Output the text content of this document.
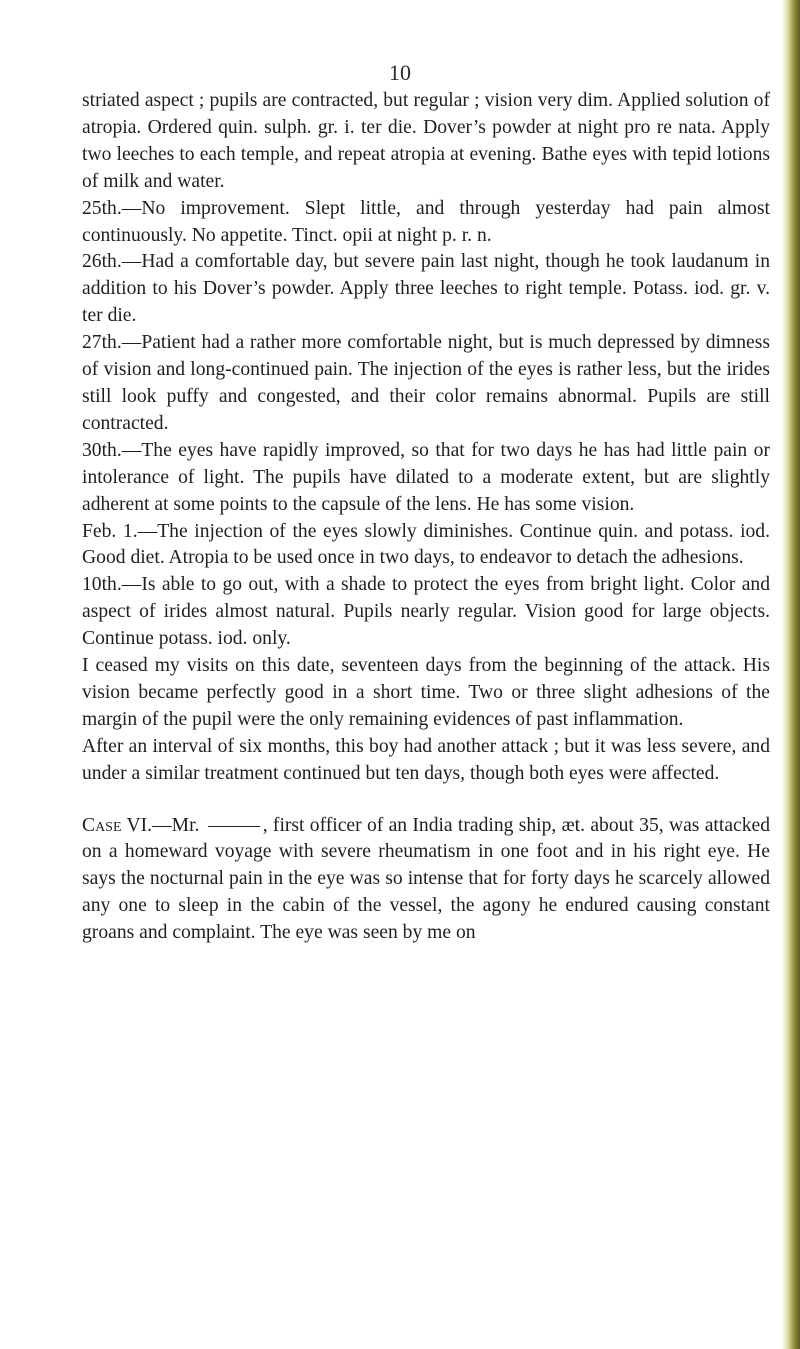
10

striated aspect ; pupils are contracted, but regular ; vision very dim. Applied solution of atropia. Ordered quin. sulph. gr. i. ter die. Dover’s powder at night pro re nata. Apply two leeches to each temple, and repeat atropia at evening. Bathe eyes with tepid lotions of milk and water.

25th.—No improvement. Slept little, and through yesterday had pain almost continuously. No appetite. Tinct. opii at night p. r. n.

26th.—Had a comfortable day, but severe pain last night, though he took laudanum in addition to his Dover’s powder. Apply three leeches to right temple. Potass. iod. gr. v. ter die.

27th.—Patient had a rather more comfortable night, but is much depressed by dimness of vision and long-continued pain. The injection of the eyes is rather less, but the irides still look puffy and congested, and their color remains abnormal. Pupils are still contracted.

30th.—The eyes have rapidly improved, so that for two days he has had little pain or intolerance of light. The pupils have dilated to a moderate extent, but are slightly adherent at some points to the capsule of the lens. He has some vision.

Feb. 1.—The injection of the eyes slowly diminishes. Continue quin. and potass. iod. Good diet. Atropia to be used once in two days, to endeavor to detach the adhesions.

10th.—Is able to go out, with a shade to protect the eyes from bright light. Color and aspect of irides almost natural. Pupils nearly regular. Vision good for large objects. Continue potass. iod. only.

I ceased my visits on this date, seventeen days from the beginning of the attack. His vision became perfectly good in a short time. Two or three slight adhesions of the margin of the pupil were the only remaining evidences of past inflammation.

After an interval of six months, this boy had another attack ; but it was less severe, and under a similar treatment continued but ten days, though both eyes were affected.

Case VI.—Mr.	, first officer of an India trading ship, æt. about 35, was attacked on a homeward voyage with severe rheumatism in one foot and in his right eye. He says the nocturnal pain in the eye was so intense that for forty days he scarcely allowed any one to sleep in the cabin of the vessel, the agony he endured causing constant groans and complaint. The eye was seen by me on
